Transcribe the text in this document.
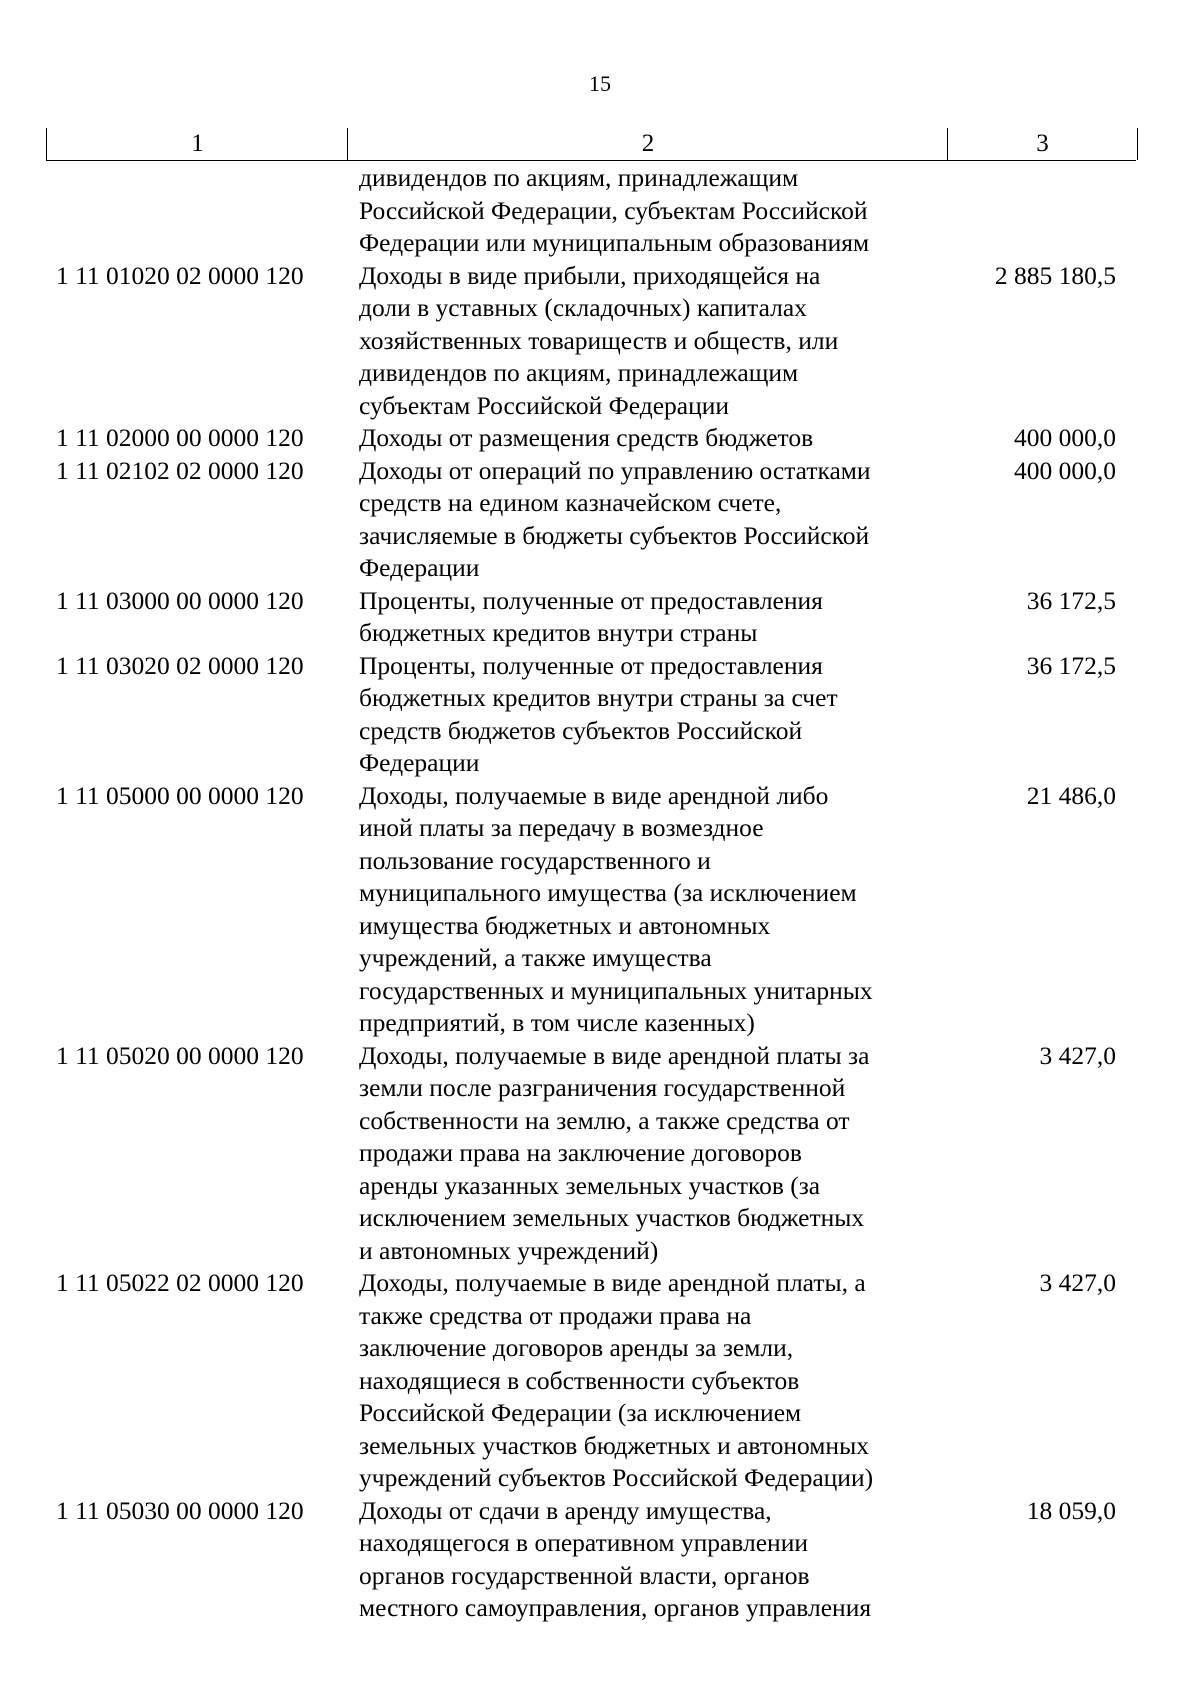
15
1	2	3
дивидендов по акциям, принадлежащим
Российской Федерации, субъектам Российской
Федерации или муниципальным образованиям
1 11 01020 02 0000 120	Доходы в виде прибыли, приходящейся на
доли в уставных (складочных) капиталах
хозяйственных товариществ и обществ, или
дивидендов по акциям, принадлежащим
субъектам Российской Федерации
2 885 180,5
1 11 02000 00 0000 120	Доходы от размещения средств бюджетов	400 000,0
1 11 02102 02 0000 120	Доходы от операций по управлению остатками
средств на едином казначейском счете,
зачисляемые в бюджеты субъектов Российской
Федерации
400 000,0
1 11 03000 00 0000 120	Проценты, полученные от предоставления
бюджетных кредитов внутри страны
36 172,5
1 11 03020 02 0000 120	Проценты, полученные от предоставления
бюджетных кредитов внутри страны за счет
средств бюджетов субъектов Российской
Федерации
36 172,5
1 11 05000 00 0000 120	Доходы, получаемые в виде арендной либо
иной платы за передачу в возмездное
пользование государственного и
муниципального имущества (за исключением
имущества бюджетных и автономных
учреждений, а также имущества
государственных и муниципальных унитарных
предприятий, в том числе казенных)
21 486,0
1 11 05020 00 0000 120	Доходы, получаемые в виде арендной платы за
земли после разграничения государственной
собственности на землю, а также средства от
продажи права на заключение договоров
аренды указанных земельных участков (за
исключением земельных участков бюджетных
и автономных учреждений)
3 427,0
1 11 05022 02 0000 120	Доходы, получаемые в виде арендной платы, а
также средства от продажи права на
заключение договоров аренды за земли,
находящиеся в собственности субъектов
Российской Федерации (за исключением
земельных участков бюджетных и автономных
учреждений субъектов Российской Федерации)
3 427,0
1 11 05030 00 0000 120	Доходы от сдачи в аренду имущества,
находящегося в оперативном управлении
органов государственной власти, органов
местного самоуправления, органов управления
18 059,0
